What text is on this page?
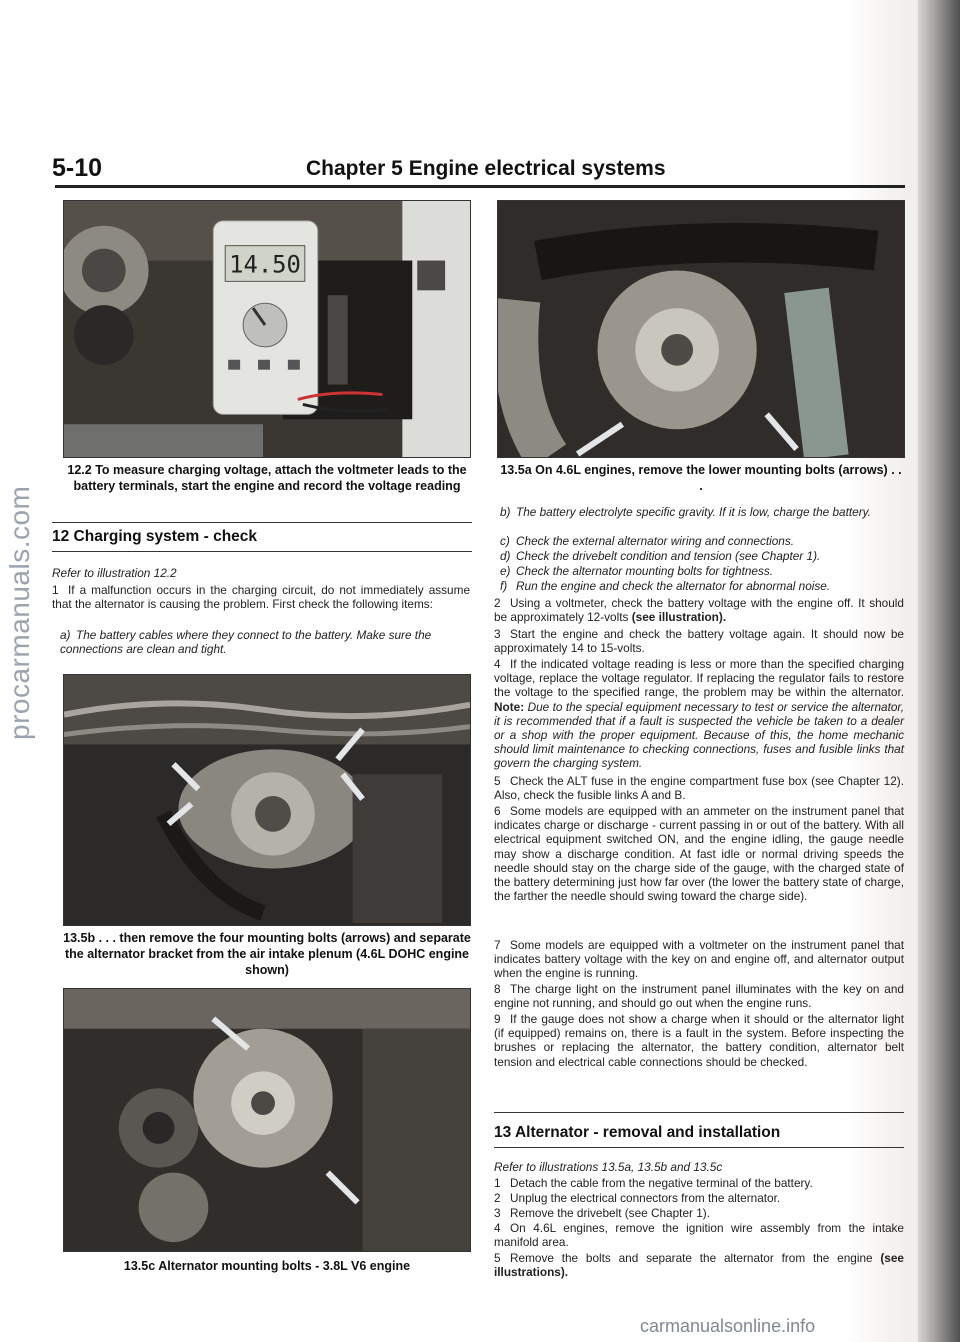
carmanualsonline.info
5-10	Chapter 5 Engine electrical systems
14.50
12.2 To measure charging voltage, attach the voltmeter leads to the battery terminals, start the engine and record the voltage reading
12 Charging system - check
Refer to illustration 12.2
1 If a malfunction occurs in the charging circuit, do not immediately assume that the alternator is causing the problem. First check the following items:
a) The battery cables where they connect to the battery. Make sure the connections are clean and tight.
13.5b . . . then remove the four mounting bolts (arrows) and separate the alternator bracket from the air intake plenum (4.6L DOHC engine shown)
13.5c Alternator mounting bolts - 3.8L V6 engine
13.5a On 4.6L engines, remove the lower mounting bolts (arrows) . . .
b) The battery electrolyte specific gravity. If it is low, charge the battery.
c) Check the external alternator wiring and connections.
d) Check the drivebelt condition and tension (see Chapter 1).
e) Check the alternator mounting bolts for tightness.
f) Run the engine and check the alternator for abnormal noise.
2 Using a voltmeter, check the battery voltage with the engine off. It should be approximately 12-volts (see illustration).
3 Start the engine and check the battery voltage again. It should now be approximately 14 to 15-volts.
4 If the indicated voltage reading is less or more than the specified charging voltage, replace the voltage regulator. If replacing the regulator fails to restore the voltage to the specified range, the problem may be within the alternator. Note: Due to the special equipment necessary to test or service the alternator, it is recommended that if a fault is suspected the vehicle be taken to a dealer or a shop with the proper equipment. Because of this, the home mechanic should limit maintenance to checking connections, fuses and fusible links that govern the charging system.
5 Check the ALT fuse in the engine compartment fuse box (see Chapter 12). Also, check the fusible links A and B.
6 Some models are equipped with an ammeter on the instrument panel that indicates charge or discharge - current passing in or out of the battery. With all electrical equipment switched ON, and the engine idling, the gauge needle may show a discharge condition. At fast idle or normal driving speeds the needle should stay on the charge side of the gauge, with the charged state of the battery determining just how far over (the lower the battery state of charge, the farther the needle should swing toward the charge side).
7 Some models are equipped with a voltmeter on the instrument panel that indicates battery voltage with the key on and engine off, and alternator output when the engine is running.
8 The charge light on the instrument panel illuminates with the key on and engine not running, and should go out when the engine runs.
9 If the gauge does not show a charge when it should or the alternator light (if equipped) remains on, there is a fault in the system. Before inspecting the brushes or replacing the alternator, the battery condition, alternator belt tension and electrical cable connections should be checked.
13 Alternator - removal and installation
Refer to illustrations 13.5a, 13.5b and 13.5c
1 Detach the cable from the negative terminal of the battery.
2 Unplug the electrical connectors from the alternator.
3 Remove the drivebelt (see Chapter 1).
4 On 4.6L engines, remove the ignition wire assembly from the intake manifold area.
5 Remove the bolts and separate the alternator from the engine (see illustrations).
